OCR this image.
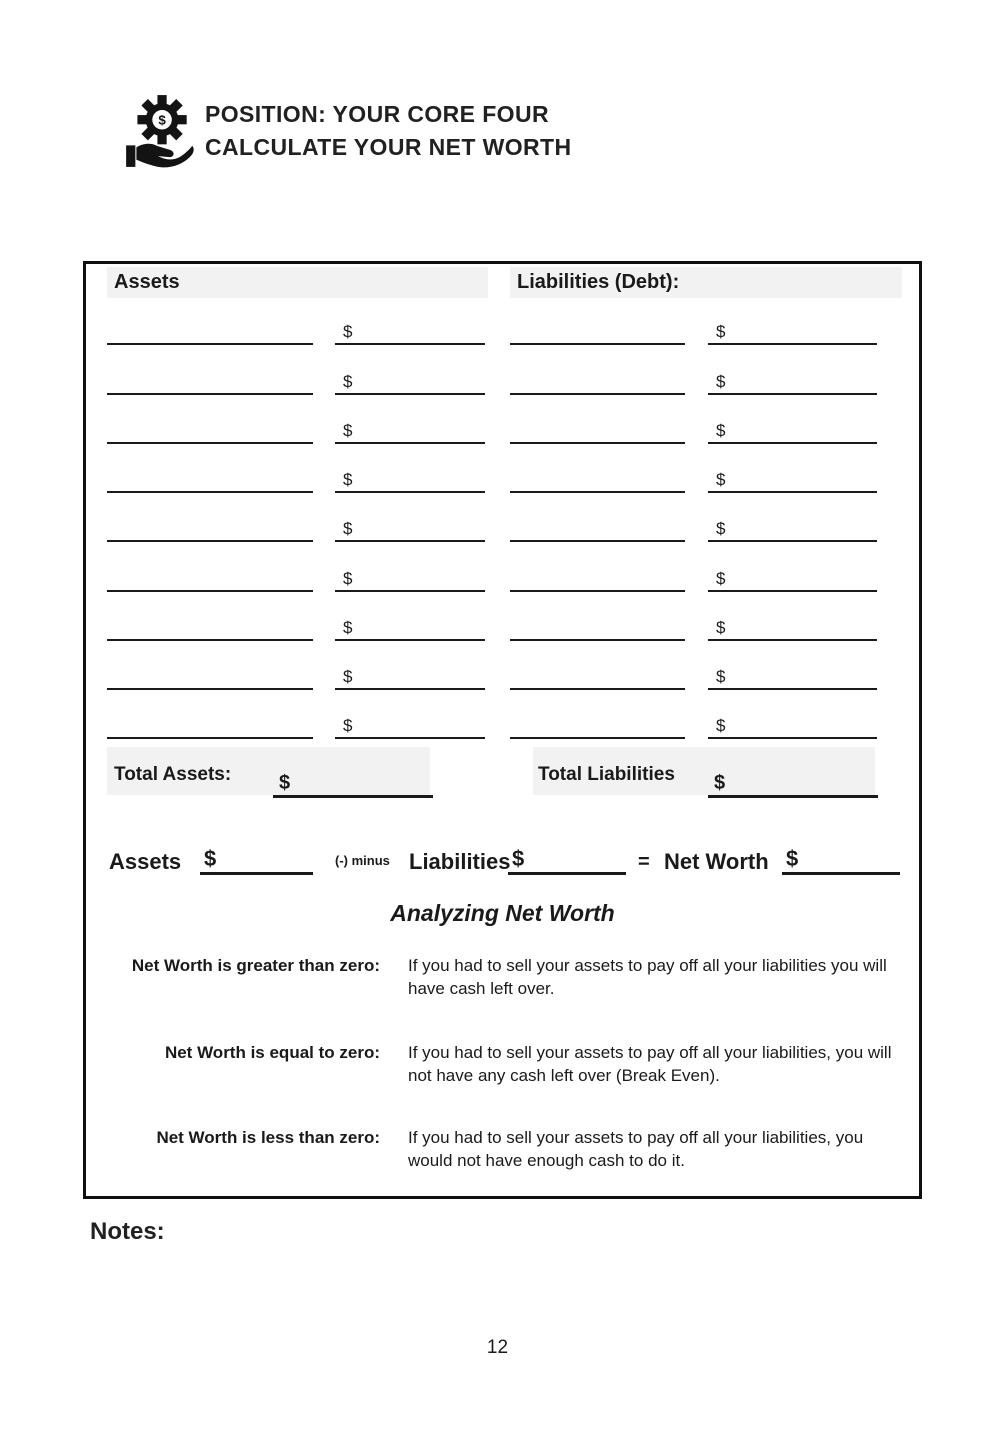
$ POSITION: YOUR CORE FOUR
CALCULATE YOUR NET WORTH
Assets	Liabilities (Debt):
$	$
$	$
$	$
$	$
$	$
$	$
$	$
$	$
$	$
Total Assets:	$	Total Liabilities	$
Assets $	(-) minus Liabilities $	= Net Worth $
Analyzing Net Worth
Net Worth is greater than zero: If you had to sell your assets to pay off all your liabilities you will have cash left over.
Net Worth is equal to zero: If you had to sell your assets to pay off all your liabilities, you will not have any cash left over (Break Even).
Net Worth is less than zero: If you had to sell your assets to pay off all your liabilities, you would not have enough cash to do it.
Notes:
12
